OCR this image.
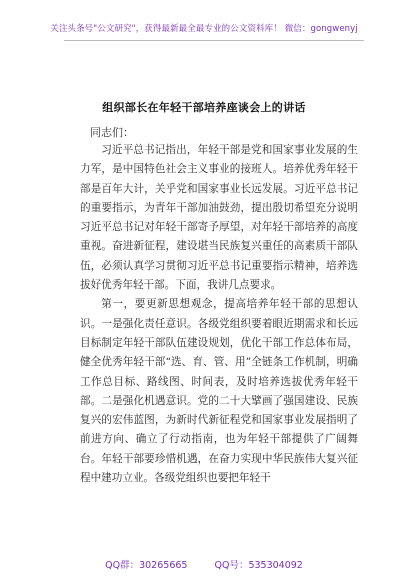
关注头条号"公文研究"，获得最新最全最专业的公文资料库！ 微信：gongwenyj
组织部长在年轻干部培养座谈会上的讲话
同志们：

习近平总书记指出，年轻干部是党和国家事业发展的生力军，是中国特色社会主义事业的接班人。培养优秀年轻干部是百年大计，关乎党和国家事业长远发展。习近平总书记的重要指示，为青年干部加油鼓劲，提出殷切希望充分说明习近平总书记对年轻干部寄予厚望，对年轻干部培养的高度重视。奋进新征程，建设堪当民族复兴重任的高素质干部队伍，必须认真学习贯彻习近平总书记重要指示精神，培养选拔好优秀年轻干部。下面，我讲几点要求。

第一，要更新思想观念，提高培养年轻干部的思想认识。一是强化责任意识。各级党组织要着眼近期需求和长远目标制定年轻干部队伍建设规划，优化干部工作总体布局，健全优秀年轻干部“选、育、管、用”全链条工作机制，明确工作总目标、路线图、时间表，及时培养选拔优秀年轻干部。二是强化机遇意识。党的二十大擘画了强国建设、民族复兴的宏伟蓝图，为新时代新征程党和国家事业发展指明了前进方向、确立了行动指南，也为年轻干部提供了广阔舞台。年轻干部要珍惜机遇，在奋力实现中华民族伟大复兴征程中建功立业。各级党组织也要把年轻干

QQ群：30265665	QQ号：535304092
